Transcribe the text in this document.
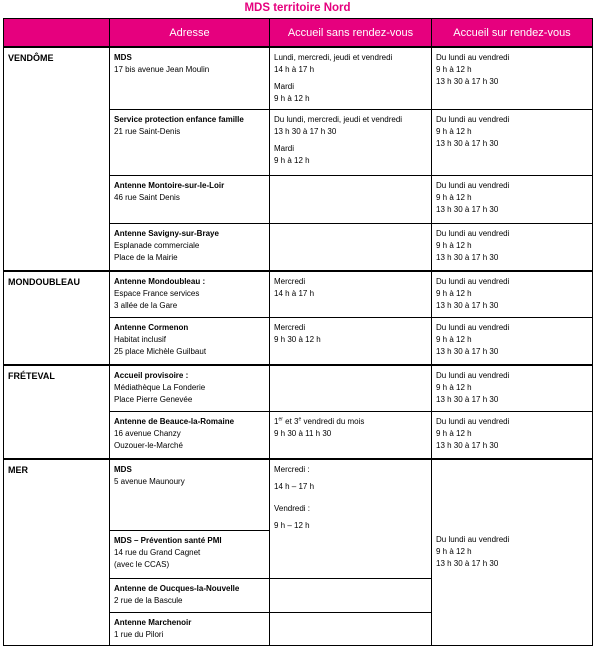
MDS territoire Nord
	Adresse	Accueil sans rendez-vous	Accueil sur rendez-vous
VENDÔME	MDS
17 bis avenue Jean Moulin	Lundi, mercredi, jeudi et vendredi
14 h à 17 h
Mardi
9 h à 12 h	Du lundi au vendredi
9 h à 12 h
13 h 30 à 17 h 30

	Service protection enfance famille
21 rue Saint-Denis	Du lundi, mercredi, jeudi et vendredi
13 h 30 à 17 h 30
Mardi
9 h à 12 h	Du lundi au vendredi
9 h à 12 h
13 h 30 à 17 h 30

	Antenne Montoire-sur-le-Loir
46 rue Saint Denis		Du lundi au vendredi
9 h à 12 h
13 h 30 à 17 h 30

	Antenne Savigny-sur-Braye
Esplanade commerciale
Place de la Mairie		Du lundi au vendredi
9 h à 12 h
13 h 30 à 17 h 30

MONDOUBLEAU	Antenne Mondoubleau :
Espace France services
3 allée de la Gare	Mercredi
14 h à 17 h	Du lundi au vendredi
9 h à 12 h
13 h 30 à 17 h 30

	Antenne Cormenon
Habitat inclusif
25 place Michèle Guilbaut	Mercredi
9 h 30 à 12 h	Du lundi au vendredi
9 h à 12 h
13 h 30 à 17 h 30

FRÉTEVAL	Accueil provisoire :
Médiathèque La Fonderie
Place Pierre Genevée		Du lundi au vendredi
9 h à 12 h
13 h 30 à 17 h 30

	Antenne de Beauce-la-Romaine
16 avenue Chanzy
Ouzouer-le-Marché	1er et 3e vendredi du mois
9 h 30 à 11 h 30	Du lundi au vendredi
9 h à 12 h
13 h 30 à 17 h 30

MER	MDS
5 avenue Maunoury	Mercredi :
14 h – 17 h
Vendredi :
9 h – 12 h	Du lundi au vendredi
9 h à 12 h
13 h 30 à 17 h 30

	MDS – Prévention santé PMI
14 rue du Grand Cagnet
(avec le CCAS)		

	Antenne de Oucques-la-Nouvelle
2 rue de la Bascule		

	Antenne Marchenoir
1 rue du Pilori		
